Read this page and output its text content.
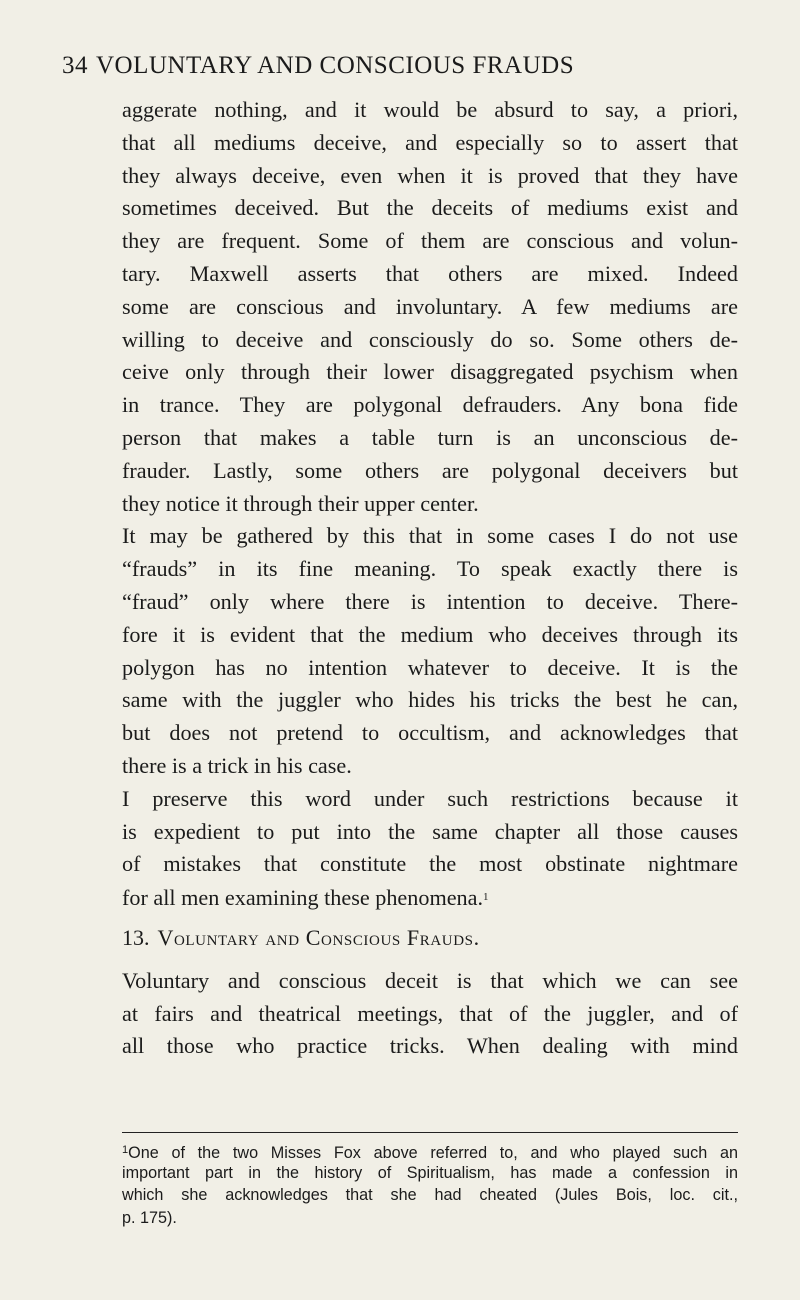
34 VOLUNTARY AND CONSCIOUS FRAUDS
aggerate nothing, and it would be absurd to say, a priori,
that all mediums deceive, and especially so to assert that
they always deceive, even when it is proved that they have
sometimes deceived. But the deceits of mediums exist and
they are frequent. Some of them are conscious and volun-
tary. Maxwell asserts that others are mixed. Indeed
some are conscious and involuntary. A few mediums are
willing to deceive and consciously do so. Some others de-
ceive only through their lower disaggregated psychism when
in trance. They are polygonal defrauders. Any bona fide
person that makes a table turn is an unconscious de-
frauder. Lastly, some others are polygonal deceivers but
they notice it through their upper center.
It may be gathered by this that in some cases I do not use
“frauds” in its fine meaning. To speak exactly there is
“fraud” only where there is intention to deceive. There-
fore it is evident that the medium who deceives through its
polygon has no intention whatever to deceive. It is the
same with the juggler who hides his tricks the best he can,
but does not pretend to occultism, and acknowledges that
there is a trick in his case.
I preserve this word under such restrictions because it
is expedient to put into the same chapter all those causes
of mistakes that constitute the most obstinate nightmare
for all men examining these phenomena.$^1$
13. Voluntary and Conscious Frauds.
Voluntary and conscious deceit is that which we can see
at fairs and theatrical meetings, that of the juggler, and of
all those who practice tricks. When dealing with mind
$^1$One of the two Misses Fox above referred to, and who played such an
important part in the history of Spiritualism, has made a confession in
which she acknowledges that she had cheated (Jules Bois, loc. cit.,
p. 175).
